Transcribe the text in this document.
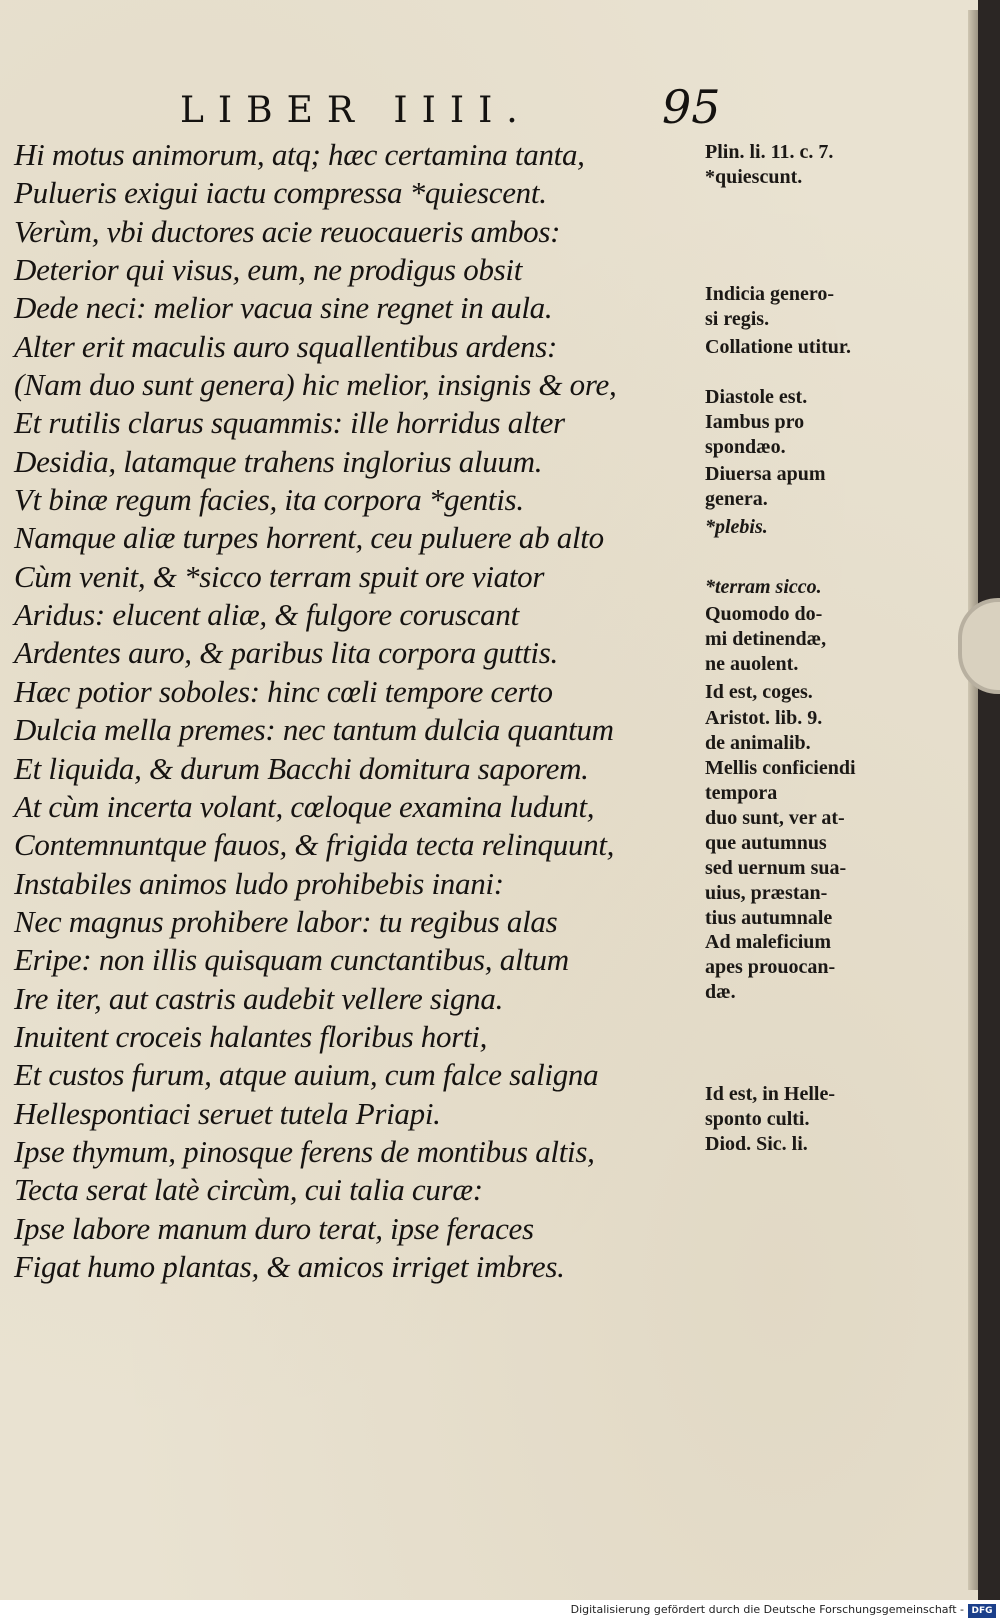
LIBER IIII.	95
Hi motus animorum, atq; hæc certamina tanta,
Pulueris exigui iactu compressa *quiescent.
Verùm, vbi ductores acie reuocaueris ambos:
Deterior qui visus, eum, ne prodigus obsit
Dede neci: melior vacua sine regnet in aula.
Alter erit maculis auro squallentibus ardens:
(Nam duo sunt genera) hic melior, insignis & ore,
Et rutilis clarus squammis: ille horridus alter
Desidia, latamque trahens inglorius aluum.
Vt binæ regum facies, ita corpora *gentis.
Namque aliæ turpes horrent, ceu puluere ab alto
Cùm venit, & *sicco terram spuit ore viator
Aridus: elucent aliæ, & fulgore coruscant
Ardentes auro, & paribus lita corpora guttis.
Hæc potior soboles: hinc cœli tempore certo
Dulcia mella premes: nec tantum dulcia quantum
Et liquida, & durum Bacchi domitura saporem.
At cùm incerta volant, cœloque examina ludunt,
Contemnuntque fauos, & frigida tecta relinquunt,
Instabiles animos ludo prohibebis inani:
Nec magnus prohibere labor: tu regibus alas
Eripe: non illis quisquam cunctantibus, altum
Ire iter, aut castris audebit vellere signa.
Inuitent croceis halantes floribus horti,
Et custos furum, atque auium, cum falce saligna
Hellespontiaci seruet tutela Priapi.
Ipse thymum, pinosque ferens de montibus altis,
Tecta serat latè circùm, cui talia curæ:
Ipse labore manum duro terat, ipse feraces
Figat humo plantas, & amicos irriget imbres.
Plin. li. 11. c. 7.
*quiescunt.
Indicia genero-
si regis.
Collatione utitur.
Diastole est.
Iambus pro
spondæo.
Diuersa apum
genera.
*plebis.
*terram sicco.
Quomodo do-
mi detinendæ,
ne auolent.
Id est, coges.
Aristot. lib. 9.
de animalib.
Mellis conficiendi tempora
duo sunt, ver at-
que autumnus
sed uernum sua-
uius, præstan-
tius autumnale
Ad maleficium
apes prouocan-
dæ.
Id est, in Helle-
sponto culti.
Diod. Sic. li.
Digitalisierung gefördert durch die Deutsche Forschungsgemeinschaft - DFG
